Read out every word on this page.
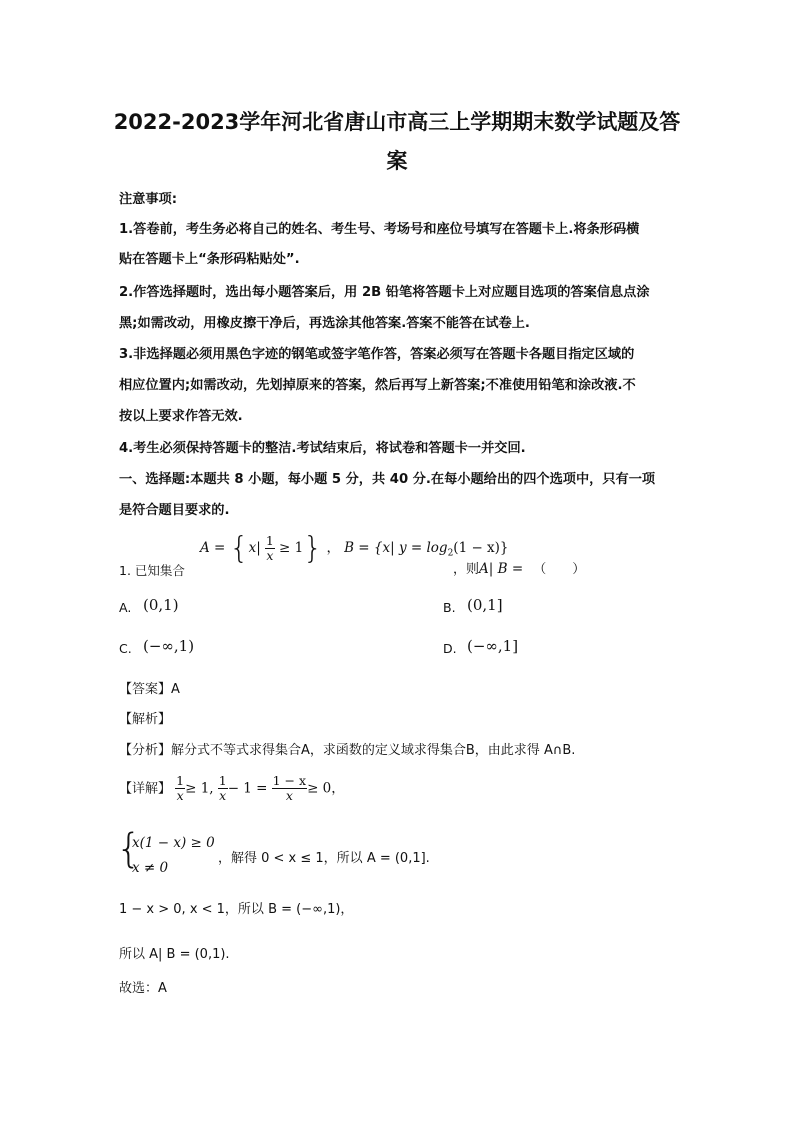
2022-2023学年河北省唐山市高三上学期期末数学试题及答
案
注意事项:
1.答卷前，考生务必将自己的姓名、考生号、考场号和座位号填写在答题卡上.将条形码横
贴在答题卡上“条形码粘贴处”.
2.作答选择题时，选出每小题答案后，用 2B 铅笔将答题卡上对应题目选项的答案信息点涂
黑;如需改动，用橡皮擦干净后，再选涂其他答案.答案不能答在试卷上.
3.非选择题必须用黑色字迹的钢笔或签字笔作答，答案必须写在答题卡各题目指定区域的
相应位置内;如需改动，先划掉原来的答案，然后再写上新答案;不准使用铅笔和涂改液.不
按以上要求作答无效.
4.考生必须保持答题卡的整洁.考试结束后，将试卷和答题卡一并交回.
一、选择题:本题共 8 小题，每小题 5 分，共 40 分.在每小题给出的四个选项中，只有一项
是符合题目要求的.
1. 已知集合
$A = \{x| \frac{1}{x} \ge 1\}$ ， B = {x| $y = \log_2(1 - x)$}
，则A| B = （　　）
A. (0,1)	B. (0,1]
C. (−∞,1)	D. (−∞,1]
【答案】A
【解析】
【分析】解分式不等式求得集合A，求函数的定义域求得集合B，由此求得 A∩B.
【详解】 $\frac{1}{x} \ge 1$, $\frac{1}{x} - 1 = \frac{1 - x}{x} \ge 0$，
{
x(1 − x) ≥ 0
x ≠ 0
，解得 0 < x ≤ 1，所以 A = (0,1].
1 − x > 0, x < 1，所以 B = (−∞,1)，
所以 A| B = (0,1).
故选：A
